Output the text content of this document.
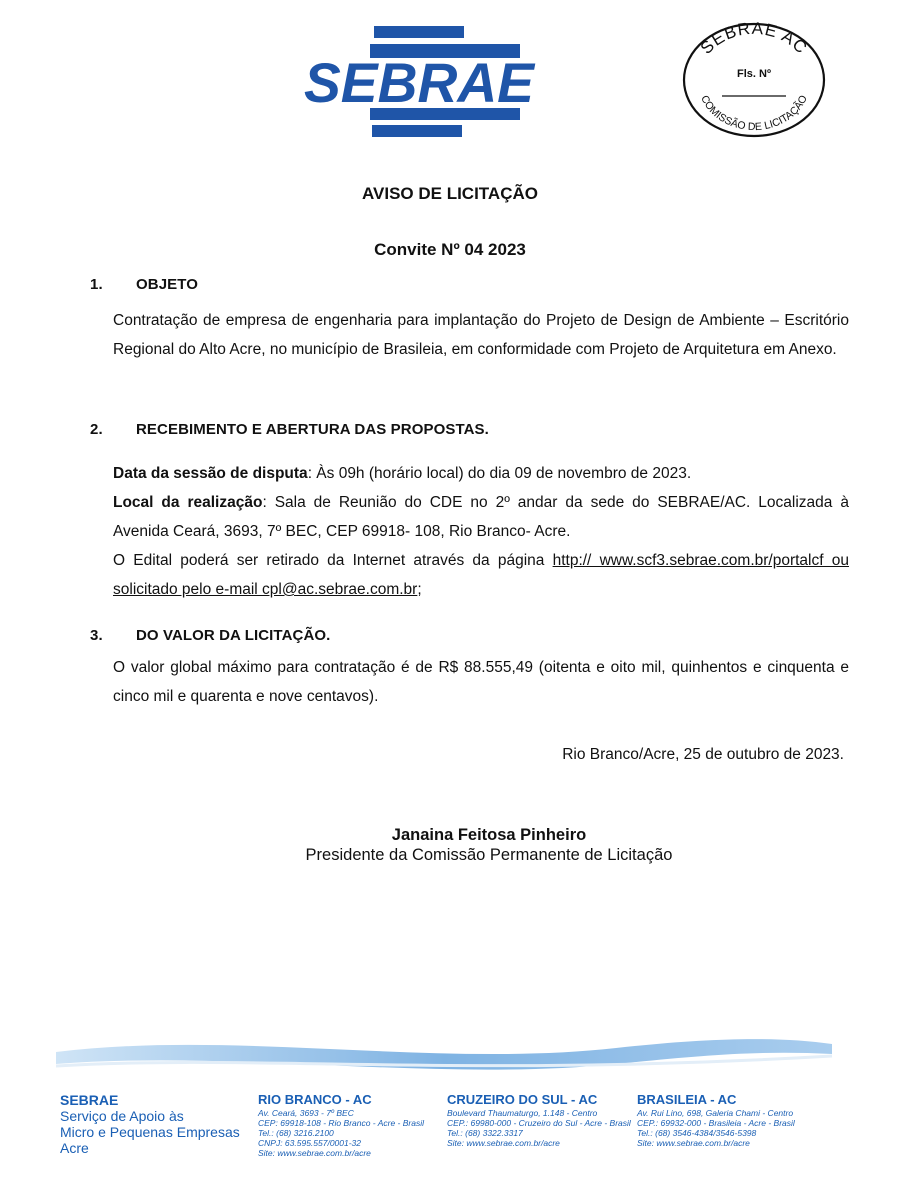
SEBRAE
SEBRAE AC
COMISSÃO DE LICITAÇÃO
Fls. Nº
AVISO DE LICITAÇÃO
Convite Nº 04 2023
1. OBJETO
Contratação de empresa de engenharia para implantação do Projeto de Design de Ambiente – Escritório Regional do Alto Acre, no município de Brasileia, em conformidade com Projeto de Arquitetura em Anexo.
2. RECEBIMENTO E ABERTURA DAS PROPOSTAS.
Data da sessão de disputa: Às 09h (horário local) do dia 09 de novembro de 2023.
Local da realização: Sala de Reunião do CDE no 2º andar da sede do SEBRAE/AC. Localizada à Avenida Ceará, 3693, 7º BEC, CEP 69918- 108, Rio Branco- Acre.
O Edital poderá ser retirado da Internet através da página http:// www.scf3.sebrae.com.br/portalcf ou solicitado pelo e-mail cpl@ac.sebrae.com.br;
3. DO VALOR DA LICITAÇÃO.
O valor global máximo para contratação é de R$ 88.555,49 (oitenta e oito mil, quinhentos e cinquenta e cinco mil e quarenta e nove centavos).
Rio Branco/Acre, 25 de outubro de 2023.
Janaina Feitosa Pinheiro
Presidente da Comissão Permanente de Licitação
SEBRAE
Serviço de Apoio às
Micro e Pequenas Empresas
Acre
RIO BRANCO - AC
Av. Ceará, 3693 - 7º BEC
CEP: 69918-108 - Rio Branco - Acre - Brasil
Tel.: (68) 3216.2100
CNPJ: 63.595.557/0001-32
Site: www.sebrae.com.br/acre
CRUZEIRO DO SUL - AC
Boulevard Thaumaturgo, 1.148 - Centro
CEP.: 69980-000 - Cruzeiro do Sul - Acre - Brasil
Tel.: (68) 3322.3317
Site: www.sebrae.com.br/acre
BRASILEIA - AC
Av. Rui Lino, 698, Galeria Chami - Centro
CEP.: 69932-000 - Brasileia - Acre - Brasil
Tel.: (68) 3546-4384/3546-5398
Site: www.sebrae.com.br/acre
